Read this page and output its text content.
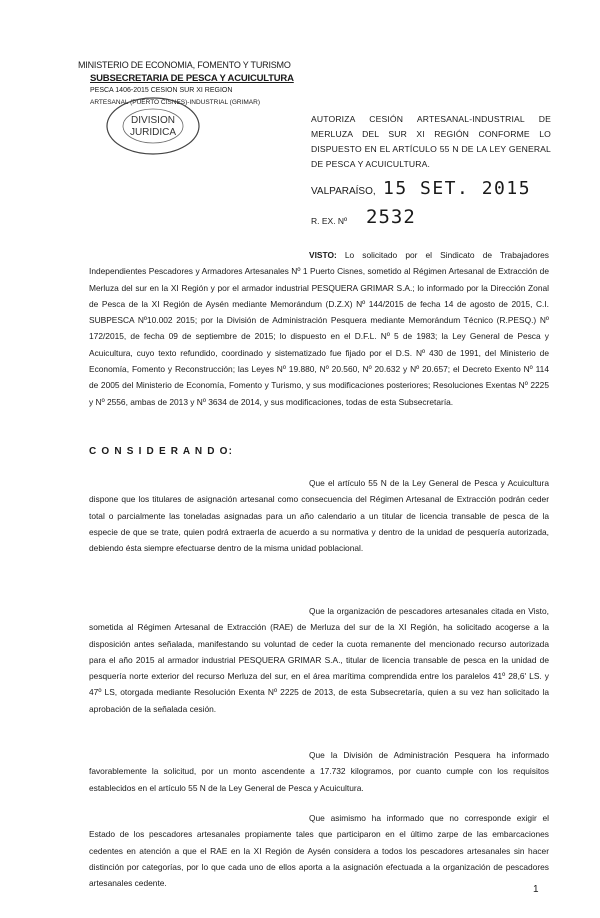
MINISTERIO DE ECONOMIA, FOMENTO Y TURISMO
SUBSECRETARIA DE PESCA Y ACUICULTURA
PESCA 1406-2015 CESION SUR XI REGION
ARTESANAL (PUERTO CISNES)-INDUSTRIAL (GRIMAR)
DIVISION
JURIDICA
AUTORIZA CESIÓN ARTESANAL-INDUSTRIAL DE MERLUZA DEL SUR XI REGIÓN CONFORME LO DISPUESTO EN EL ARTÍCULO 55 N DE LA LEY GENERAL DE PESCA Y ACUICULTURA.
VALPARAÍSO, 15 SET. 2015
R. EX. Nº 2532
VISTO: Lo solicitado por el Sindicato de Trabajadores Independientes Pescadores y Armadores Artesanales Nº 1 Puerto Cisnes, sometido al Régimen Artesanal de Extracción de Merluza del sur en la XI Región y por el armador industrial PESQUERA GRIMAR S.A.; lo informado por la Dirección Zonal de Pesca de la XI Región de Aysén mediante Memorándum (D.Z.X) Nº 144/2015 de fecha 14 de agosto de 2015, C.I. SUBPESCA Nº10.002 2015; por la División de Administración Pesquera mediante Memorándum Técnico (R.PESQ.) Nº 172/2015, de fecha 09 de septiembre de 2015; lo dispuesto en el D.F.L. Nº 5 de 1983; la Ley General de Pesca y Acuicultura, cuyo texto refundido, coordinado y sistematizado fue fijado por el D.S. Nº 430 de 1991, del Ministerio de Economía, Fomento y Reconstrucción; las Leyes Nº 19.880, Nº 20.560, Nº 20.632 y Nº 20.657; el Decreto Exento Nº 114 de 2005 del Ministerio de Economía, Fomento y Turismo, y sus modificaciones posteriores; Resoluciones Exentas Nº 2225 y Nº 2556, ambas de 2013 y Nº 3634 de 2014, y sus modificaciones, todas de esta Subsecretaría.
C O N S I D E R A N D O:
Que el artículo 55 N de la Ley General de Pesca y Acuicultura dispone que los titulares de asignación artesanal como consecuencia del Régimen Artesanal de Extracción podrán ceder total o parcialmente las toneladas asignadas para un año calendario a un titular de licencia transable de pesca de la especie de que se trate, quien podrá extraerla de acuerdo a su normativa y dentro de la unidad de pesquería autorizada, debiendo ésta siempre efectuarse dentro de la misma unidad poblacional.
Que la organización de pescadores artesanales citada en Visto, sometida al Régimen Artesanal de Extracción (RAE) de Merluza del sur de la XI Región, ha solicitado acogerse a la disposición antes señalada, manifestando su voluntad de ceder la cuota remanente del mencionado recurso autorizada para el año 2015 al armador industrial PESQUERA GRIMAR S.A., titular de licencia transable de pesca en la unidad de pesquería norte exterior del recurso Merluza del sur, en el área marítima comprendida entre los paralelos 41º 28,6' LS. y 47º LS, otorgada mediante Resolución Exenta Nº 2225 de 2013, de esta Subsecretaría, quien a su vez han solicitado la aprobación de la señalada cesión.
Que la División de Administración Pesquera ha informado favorablemente la solicitud, por un monto ascendente a 17.732 kilogramos, por cuanto cumple con los requisitos establecidos en el artículo 55 N de la Ley General de Pesca y Acuicultura.
Que asimismo ha informado que no corresponde exigir el Estado de los pescadores artesanales propiamente tales que participaron en el último zarpe de las embarcaciones cedentes en atención a que el RAE en la XI Región de Aysén considera a todos los pescadores artesanales sin hacer distinción por categorías, por lo que cada uno de ellos aporta a la asignación efectuada a la organización de pescadores artesanales cedente.
1
